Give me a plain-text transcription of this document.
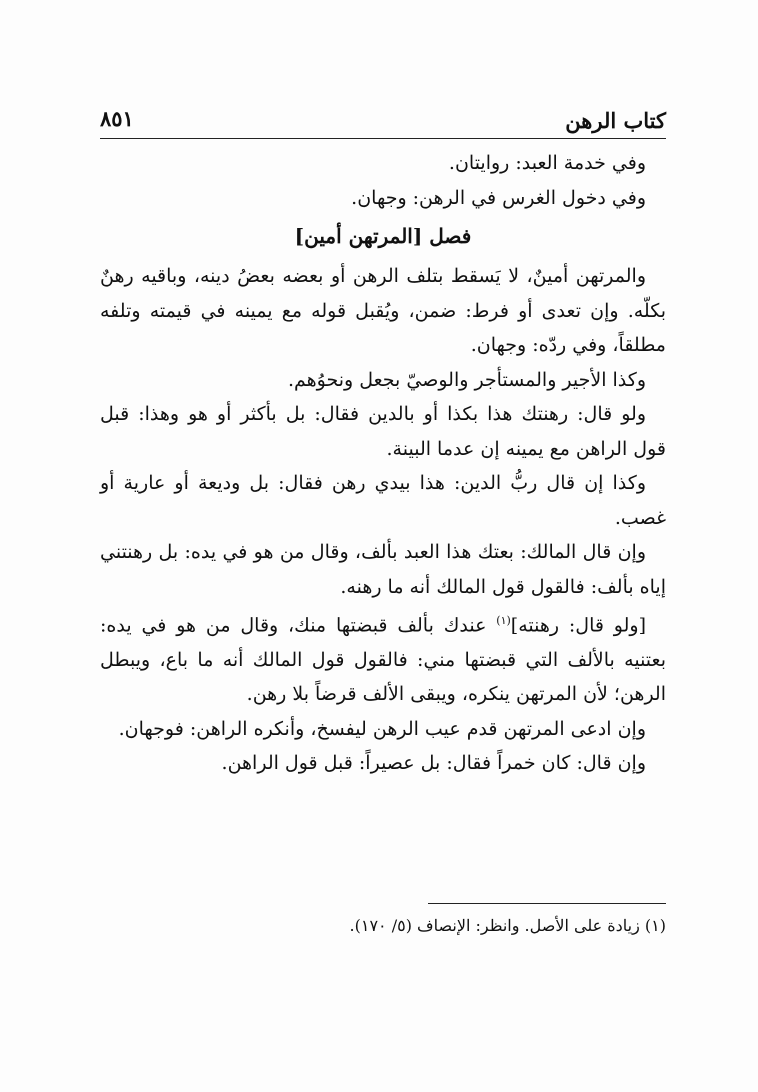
كتاب الرهن
٨٥١

وفي خدمة العبد: روايتان.

وفي دخول الغرس في الرهن: وجهان.

فصل [المرتهن أمين]

والمرتهن أمينٌ، لا يَسقط بتلف الرهن أو بعضه بعضُ دينه، وباقيه رهنٌ بكلّه. وإن تعدى أو فرط: ضمن، ويُقبل قوله مع يمينه في قيمته وتلفه مطلقاً، وفي ردّه: وجهان.

وكذا الأجير والمستأجر والوصيّ بجعل ونحوُهم.

ولو قال: رهنتك هذا بكذا أو بالدين فقال: بل بأكثر أو هو وهذا: قبل قول الراهن مع يمينه إن عدما البينة.

وكذا إن قال ربُّ الدين: هذا بيدي رهن فقال: بل وديعة أو عارية أو غصب.

وإن قال المالك: بعتك هذا العبد بألف، وقال من هو في يده: بل رهنتني إياه بألف: فالقول قول المالك أنه ما رهنه.

[ولو قال: رهنته]$^{(١)}$ عندك بألف قبضتها منك، وقال من هو في يده: بعتنيه بالألف التي قبضتها مني: فالقول قول المالك أنه ما باع، ويبطل الرهن؛ لأن المرتهن ينكره، ويبقى الألف قرضاً بلا رهن.

وإن ادعى المرتهن قدم عيب الرهن ليفسخ، وأنكره الراهن: فوجهان.

وإن قال: كان خمراً فقال: بل عصيراً: قبل قول الراهن.

(١) زيادة على الأصل. وانظر: الإنصاف (٥/ ١٧٠).
